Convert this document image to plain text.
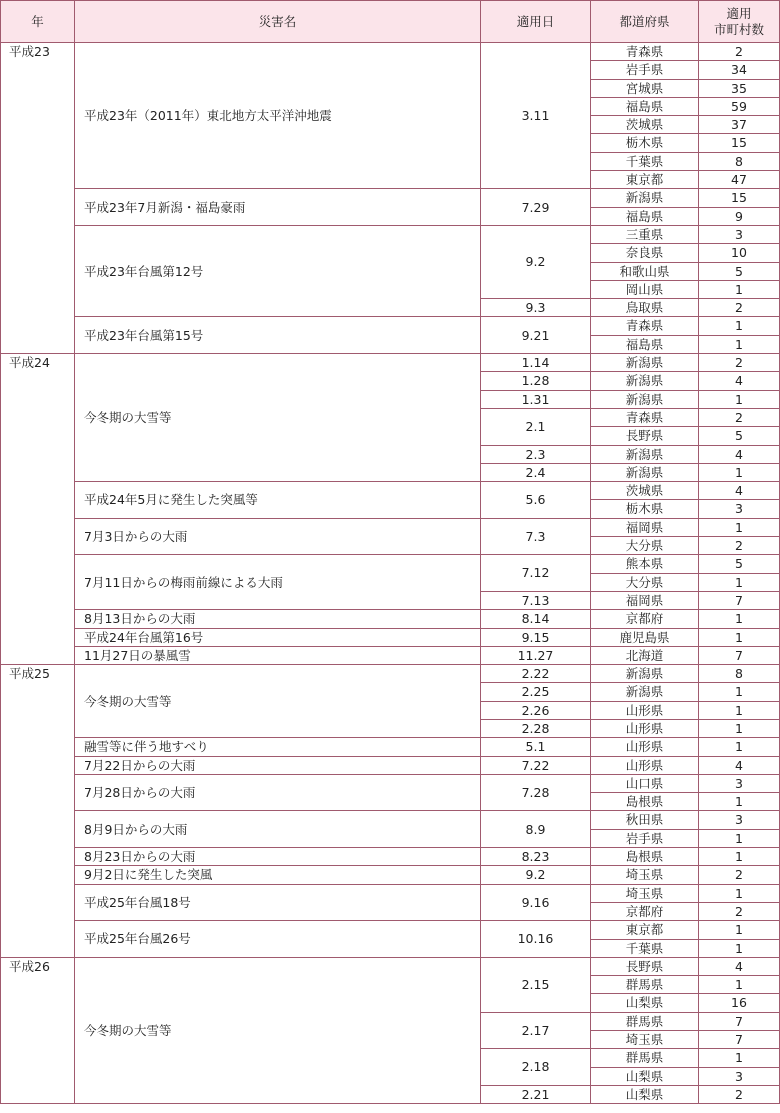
年	災害名	適用日	都道府県	適用
市町村数
平成23	平成23年（2011年）東北地方太平洋沖地震	3.11	青森県	2
			岩手県	34
			宮城県	35
			福島県	59
			茨城県	37
			栃木県	15
			千葉県	8
			東京都	47
	平成23年7月新潟・福島豪雨	7.29	新潟県	15
			福島県	9
	平成23年台風第12号	9.2	三重県	3
			奈良県	10
			和歌山県	5
			岡山県	1
		9.3	鳥取県	2
	平成23年台風第15号	9.21	青森県	1
			福島県	1
平成24	今冬期の大雪等	1.14	新潟県	2
		1.28	新潟県	4
		1.31	新潟県	1
		2.1	青森県	2
			長野県	5
		2.3	新潟県	4
		2.4	新潟県	1
	平成24年5月に発生した突風等	5.6	茨城県	4
			栃木県	3
	7月3日からの大雨	7.3	福岡県	1
			大分県	2
	7月11日からの梅雨前線による大雨	7.12	熊本県	5
			大分県	1
		7.13	福岡県	7
	8月13日からの大雨	8.14	京都府	1
	平成24年台風第16号	9.15	鹿児島県	1
	11月27日の暴風雪	11.27	北海道	7
平成25	今冬期の大雪等	2.22	新潟県	8
		2.25	新潟県	1
		2.26	山形県	1
		2.28	山形県	1
	融雪等に伴う地すべり	5.1	山形県	1
	7月22日からの大雨	7.22	山形県	4
	7月28日からの大雨	7.28	山口県	3
			島根県	1
	8月9日からの大雨	8.9	秋田県	3
			岩手県	1
	8月23日からの大雨	8.23	島根県	1
	9月2日に発生した突風	9.2	埼玉県	2
	平成25年台風18号	9.16	埼玉県	1
			京都府	2
	平成25年台風26号	10.16	東京都	1
			千葉県	1
平成26	今冬期の大雪等	2.15	長野県	4
			群馬県	1
			山梨県	16
		2.17	群馬県	7
			埼玉県	7
		2.18	群馬県	1
			山梨県	3
		2.21	山梨県	2
